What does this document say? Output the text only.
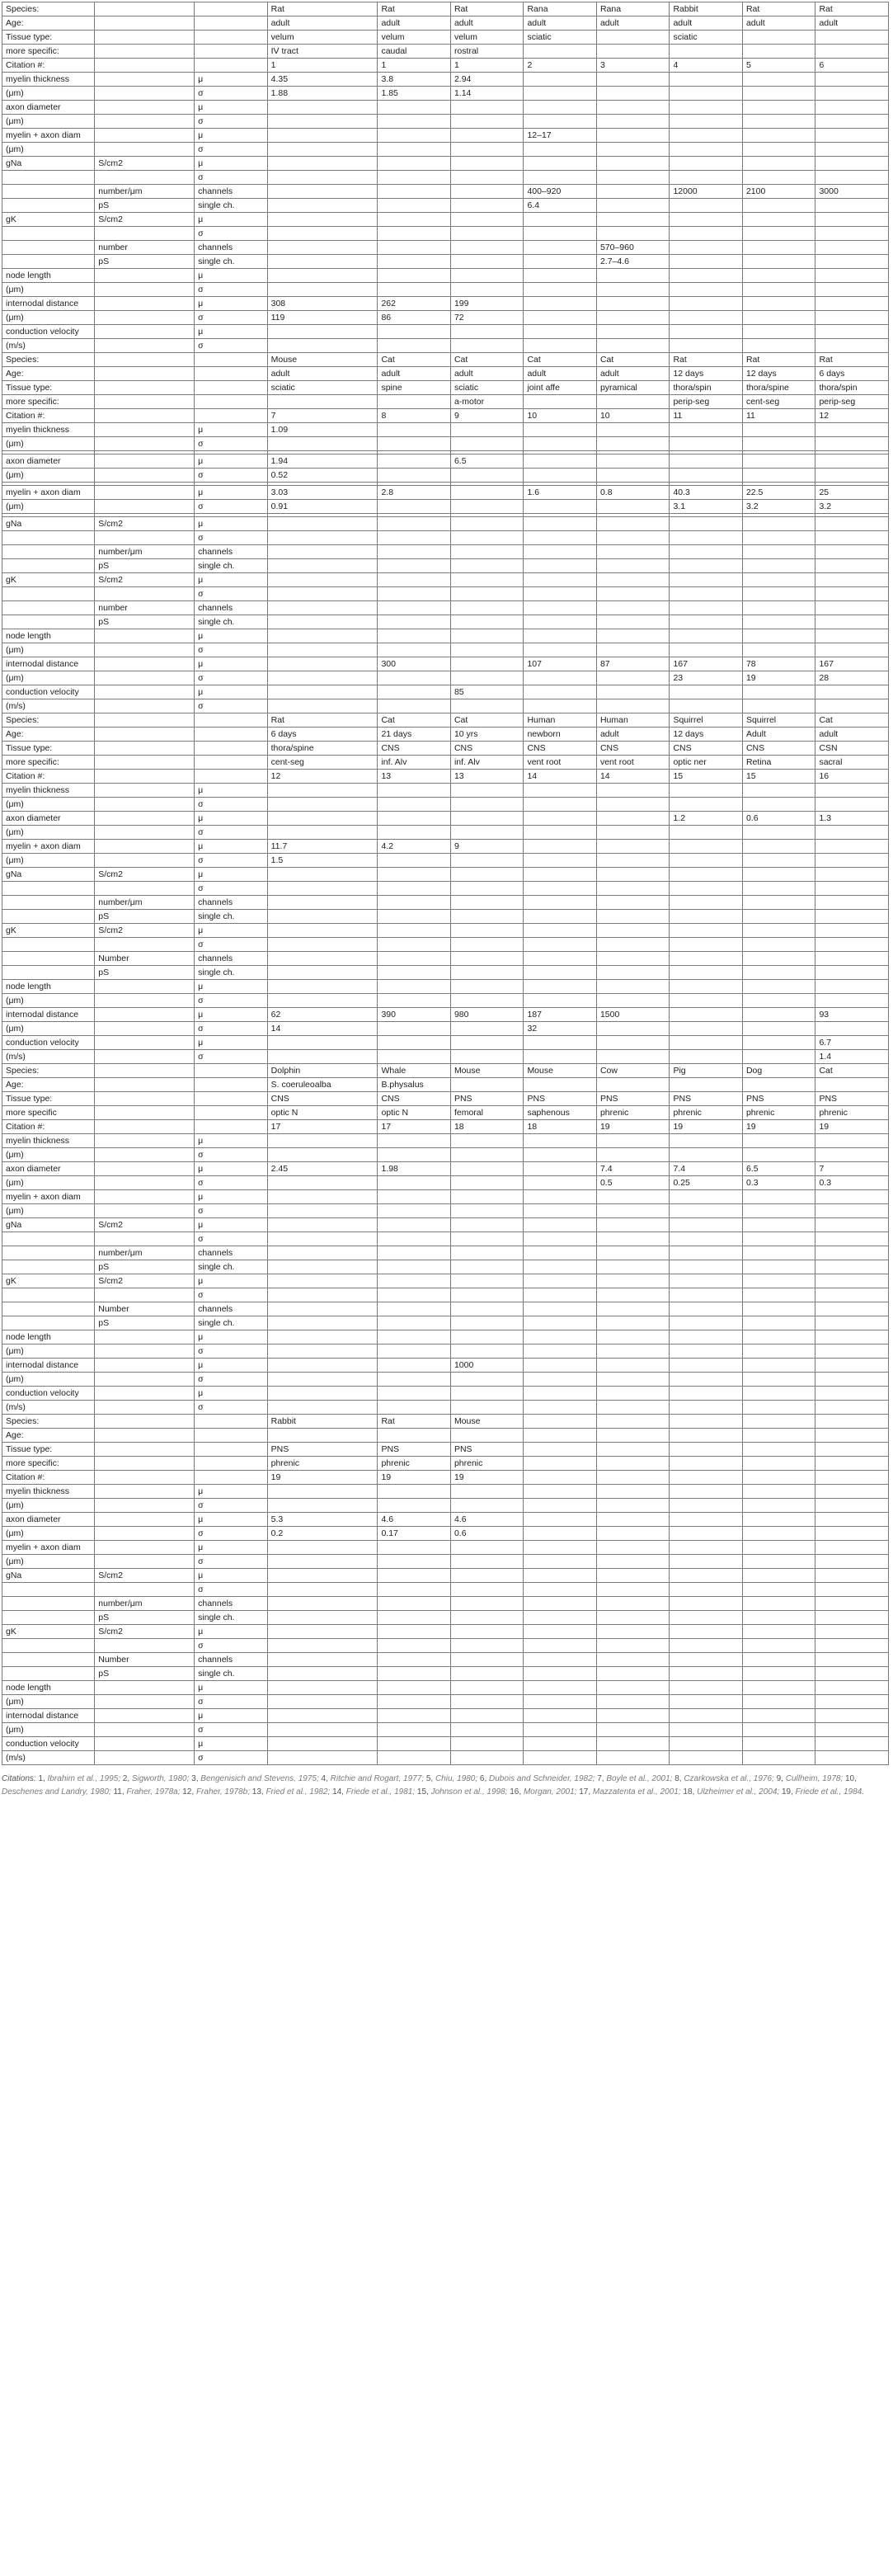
Species:			Rat	Rat	Rat	Rana	Rana	Rabbit	Rat	Rat
Age:			adult	adult	adult	adult	adult	adult	adult	adult
Tissue type:			velum	velum	velum	sciatic		sciatic		
more specific:			IV tract	caudal	rostral					
Citation #:			1	1	1	2	3	4	5	6
myelin thickness		μ	4.35	3.8	2.94					
(μm)		σ	1.88	1.85	1.14					
axon diameter		μ								
(μm)		σ								
myelin + axon diam		μ				12–17				
(μm)		σ								
gNa	S/cm2	μ								
		σ								
	number/μm	channels				400–920		12000	2100	3000
	pS	single ch.				6.4				
gK	S/cm2	μ								
		σ								
	number	channels					570–960			
	pS	single ch.					2.7–4.6			
node length		μ								
(μm)		σ								
internodal distance		μ	308	262	199					
(μm)		σ	119	86	72					
conduction velocity		μ								
(m/s)		σ								
Species:			Mouse	Cat	Cat	Cat	Cat	Rat	Rat	Rat
Age:			adult	adult	adult	adult	adult	12 days	12 days	6 days
Tissue type:			sciatic	spine	sciatic	joint affe	pyramical	thora/spin	thora/spine	thora/spin
more specific:					a-motor			perip-seg	cent-seg	perip-seg
Citation #:			7	8	9	10	10	11	11	12
myelin thickness		μ	1.09							
(μm)		σ								

axon diameter		μ	1.94		6.5					
(μm)		σ	0.52							

myelin + axon diam		μ	3.03	2.8		1.6	0.8	40.3	22.5	25
(μm)		σ	0.91					3.1	3.2	3.2

gNa	S/cm2	μ								
		σ								
	number/μm	channels								
	pS	single ch.								
gK	S/cm2	μ								
		σ								
	number	channels								
	pS	single ch.								
node length		μ								
(μm)		σ								
internodal distance		μ		300		107	87	167	78	167
(μm)		σ						23	19	28
conduction velocity		μ			85					
(m/s)		σ								
Species:			Rat	Cat	Cat	Human	Human	Squirrel	Squirrel	Cat
Age:			6 days	21 days	10 yrs	newborn	adult	12 days	Adult	adult
Tissue type:			thora/spine	CNS	CNS	CNS	CNS	CNS	CNS	CSN
more specific:			cent-seg	inf. Alv	inf. Alv	vent root	vent root	optic ner	Retina	sacral
Citation #:			12	13	13	14	14	15	15	16
myelin thickness		μ								
(μm)		σ								
axon diameter		μ						1.2	0.6	1.3
(μm)		σ								
myelin + axon diam		μ	11.7	4.2	9					
(μm)		σ	1.5							
gNa	S/cm2	μ								
		σ								
	number/μm	channels								
	pS	single ch.								
gK	S/cm2	μ								
		σ								
	Number	channels								
	pS	single ch.								
node length		μ								
(μm)		σ								
internodal distance		μ	62	390	980	187	1500			93
(μm)		σ	14			32				
conduction velocity		μ								6.7
(m/s)		σ								1.4
Species:			Dolphin	Whale	Mouse	Mouse	Cow	Pig	Dog	Cat
Age:			S. coeruleoalba	B.physalus						
Tissue type:			CNS	CNS	PNS	PNS	PNS	PNS	PNS	PNS
more specific			optic N	optic N	femoral	saphenous	phrenic	phrenic	phrenic	phrenic
Citation #:			17	17	18	18	19	19	19	19
myelin thickness		μ								
(μm)		σ								
axon diameter		μ	2.45	1.98			7.4	7.4	6.5	7
(μm)		σ					0.5	0.25	0.3	0.3
myelin + axon diam		μ								
(μm)		σ								
gNa	S/cm2	μ								
		σ								
	number/μm	channels								
	pS	single ch.								
gK	S/cm2	μ								
		σ								
	Number	channels								
	pS	single ch.								
node length		μ								
(μm)		σ								
internodal distance		μ			1000					
(μm)		σ								
conduction velocity		μ								
(m/s)		σ								
Species:			Rabbit	Rat	Mouse					
Age:										
Tissue type:			PNS	PNS	PNS					
more specific:			phrenic	phrenic	phrenic					
Citation #:			19	19	19					
myelin thickness		μ								
(μm)		σ								
axon diameter		μ	5.3	4.6	4.6					
(μm)		σ	0.2	0.17	0.6					
myelin + axon diam		μ								
(μm)		σ								
gNa	S/cm2	μ								
		σ								
	number/μm	channels								
	pS	single ch.								
gK	S/cm2	μ								
		σ								
	Number	channels								
	pS	single ch.								
node length		μ								
(μm)		σ								
internodal distance		μ								
(μm)		σ								
conduction velocity		μ								
(m/s)		σ								
Citations: 1, Ibrahim et al., 1995; 2, Sigworth, 1980; 3, Bengenisich and Stevens, 1975; 4, Ritchie and Rogart, 1977; 5, Chiu, 1980; 6, Dubois and Schneider, 1982; 7, Boyle et al., 2001; 8, Czarkowska et al., 1976; 9, Cullheim, 1978; 10, Deschenes and Landry, 1980; 11, Fraher, 1978a; 12, Fraher, 1978b; 13, Fried et al., 1982; 14, Friede et al., 1981; 15, Johnson et al., 1998; 16, Morgan, 2001; 17, Mazzatenta et al., 2001; 18, Ulzheimer et al., 2004; 19, Friede et al., 1984.
